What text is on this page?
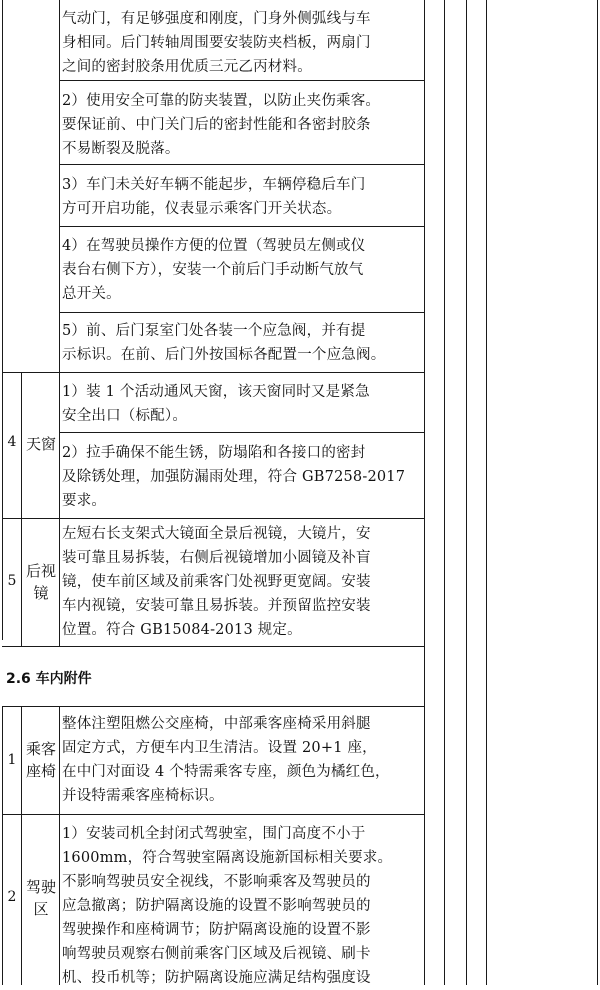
气动门，有足够强度和刚度，门身外侧弧线与车
身相同。后门转轴周围要安装防夹档板，两扇门
之间的密封胶条用优质三元乙丙材料。
2）使用安全可靠的防夹装置，以防止夹伤乘客。
要保证前、中门关门后的密封性能和各密封胶条
不易断裂及脱落。
3）车门未关好车辆不能起步，车辆停稳后车门
方可开启功能，仪表显示乘客门开关状态。
4）在驾驶员操作方便的位置（驾驶员左侧或仪
表台右侧下方），安装一个前后门手动断气放气
总开关。
5）前、后门泵室门处各装一个应急阀，并有提
示标识。在前、后门外按国标各配置一个应急阀。
4 天窗
1）装 1 个活动通风天窗，该天窗同时又是紧急
安全出口（标配）。
2）拉手确保不能生锈，防塌陷和各接口的密封
及除锈处理，加强防漏雨处理，符合 GB7258-2017
要求。
5
后视
镜
左短右长支架式大镜面全景后视镜，大镜片，安
装可靠且易拆装，右侧后视镜增加小圆镜及补盲
镜，使车前区域及前乘客门处视野更宽阔。安装
车内视镜，安装可靠且易拆装。并预留监控安装
位置。符合 GB15084-2013 规定。
2.6 车内附件
1
乘客
座椅
整体注塑阻燃公交座椅，中部乘客座椅采用斜腿
固定方式，方便车内卫生清洁。设置 20+1 座，
在中门对面设 4 个特需乘客专座，颜色为橘红色，
并设特需乘客座椅标识。
2
驾驶
区
1）安装司机全封闭式驾驶室，围门高度不小于
1600mm，符合驾驶室隔离设施新国标相关要求。
不影响驾驶员安全视线，不影响乘客及驾驶员的
应急撤离；防护隔离设施的设置不影响驾驶员的
驾驶操作和座椅调节；防护隔离设施的设置不影
响驾驶员观察右侧前乘客门区域及后视镜、刷卡
机、投币机等；防护隔离设施应满足结构强度设
